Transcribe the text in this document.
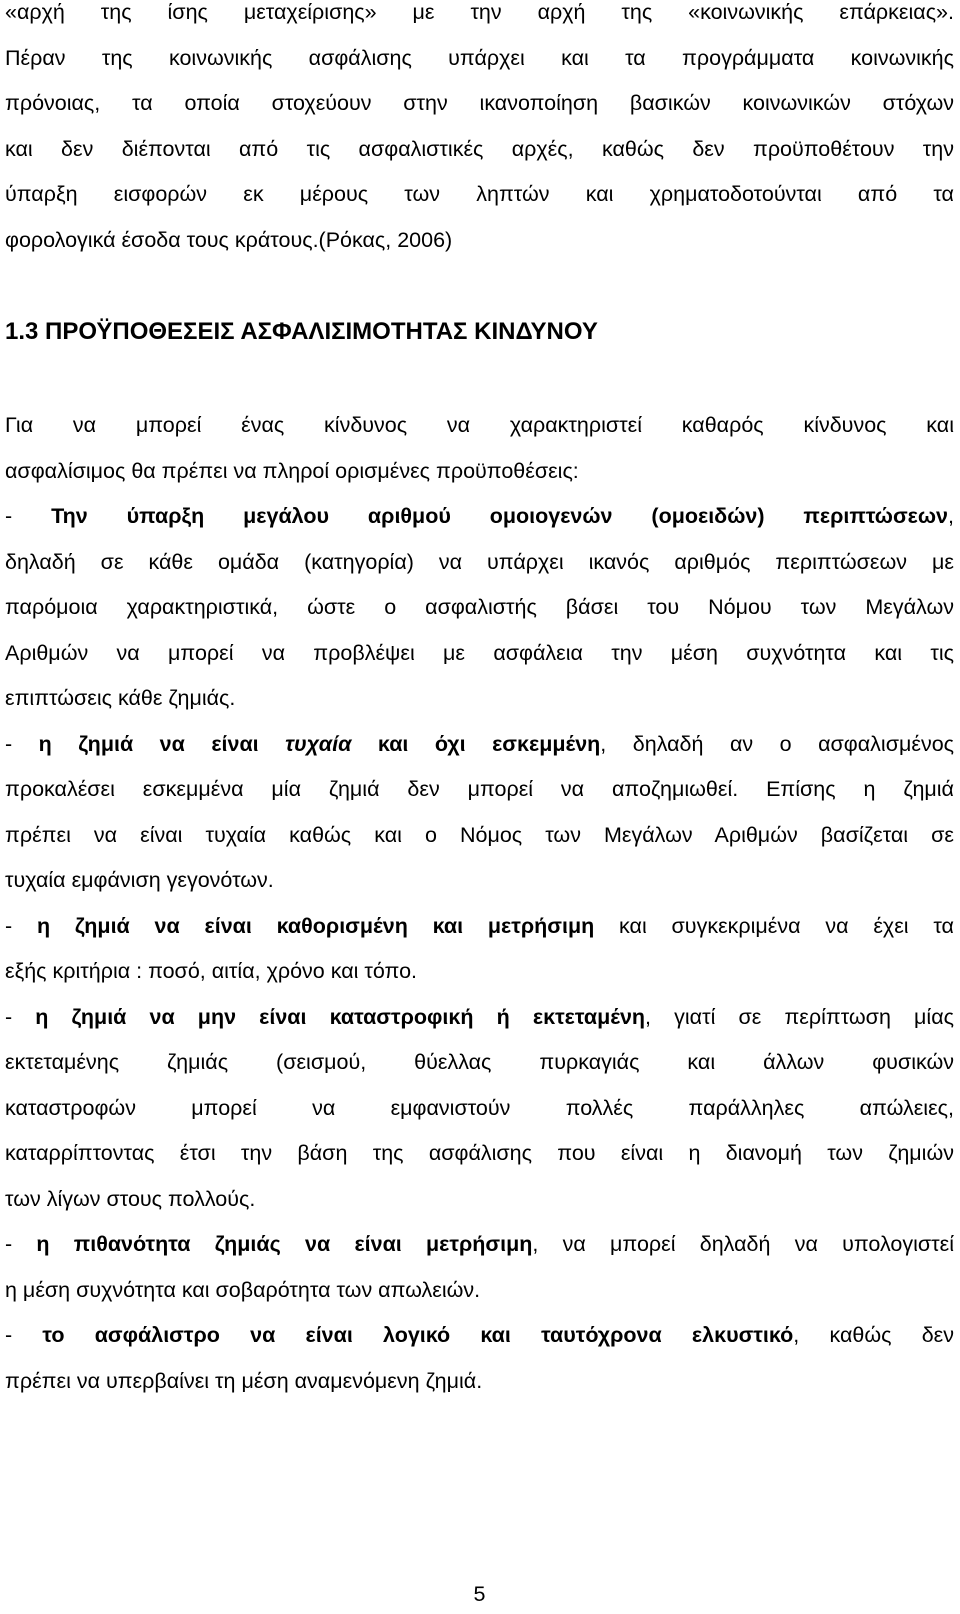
«αρχή της ίσης μεταχείρισης» με την αρχή της «κοινωνικής επάρκειας».

Πέραν της κοινωνικής ασφάλισης υπάρχει και τα προγράμματα κοινωνικής

πρόνοιας, τα οποία στοχεύουν στην ικανοποίηση βασικών κοινωνικών στόχων

και δεν διέπονται από τις ασφαλιστικές αρχές, καθώς δεν προϋποθέτουν την

ύπαρξη εισφορών εκ μέρους των ληπτών και χρηματοδοτούνται από τα

φορολογικά έσοδα τους κράτους.(Ρόκας, 2006)

1.3 ΠΡΟΫΠΟΘΕΣΕΙΣ ΑΣΦΑΛΙΣΙΜΟΤΗΤΑΣ ΚΙΝΔΥΝΟΥ

Για να μπορεί ένας κίνδυνος να χαρακτηριστεί καθαρός κίνδυνος και

ασφαλίσιμος θα πρέπει να πληροί ορισμένες προϋποθέσεις:

- Την ύπαρξη μεγάλου αριθμού ομοιογενών (ομοειδών) περιπτώσεων,

δηλαδή σε κάθε ομάδα (κατηγορία) να υπάρχει ικανός αριθμός περιπτώσεων με

παρόμοια χαρακτηριστικά, ώστε ο ασφαλιστής βάσει του Νόμου των Μεγάλων

Αριθμών να μπορεί να προβλέψει με ασφάλεια την μέση συχνότητα και τις

επιπτώσεις κάθε ζημιάς.

- η ζημιά να είναι τυχαία και όχι εσκεμμένη, δηλαδή αν ο ασφαλισμένος

προκαλέσει εσκεμμένα μία ζημιά δεν μπορεί να αποζημιωθεί. Επίσης η ζημιά

πρέπει να είναι τυχαία καθώς και ο Νόμος των Μεγάλων Αριθμών βασίζεται σε

τυχαία εμφάνιση γεγονότων.

- η ζημιά να είναι καθορισμένη και μετρήσιμη και συγκεκριμένα να έχει τα

εξής κριτήρια : ποσό, αιτία, χρόνο και τόπο.

- η ζημιά να μην είναι καταστροφική ή εκτεταμένη, γιατί σε περίπτωση μίας

εκτεταμένης ζημιάς (σεισμού, θύελλας πυρκαγιάς και άλλων φυσικών

καταστροφών μπορεί να εμφανιστούν πολλές παράλληλες απώλειες,

καταρρίπτοντας έτσι την βάση της ασφάλισης που είναι η διανομή των ζημιών

των λίγων στους πολλούς.

- η πιθανότητα ζημιάς να είναι μετρήσιμη, να μπορεί δηλαδή να υπολογιστεί

η μέση συχνότητα και σοβαρότητα των απωλειών.

- το ασφάλιστρο να είναι λογικό και ταυτόχρονα ελκυστικό, καθώς δεν

πρέπει να υπερβαίνει τη μέση αναμενόμενη ζημιά.

5
